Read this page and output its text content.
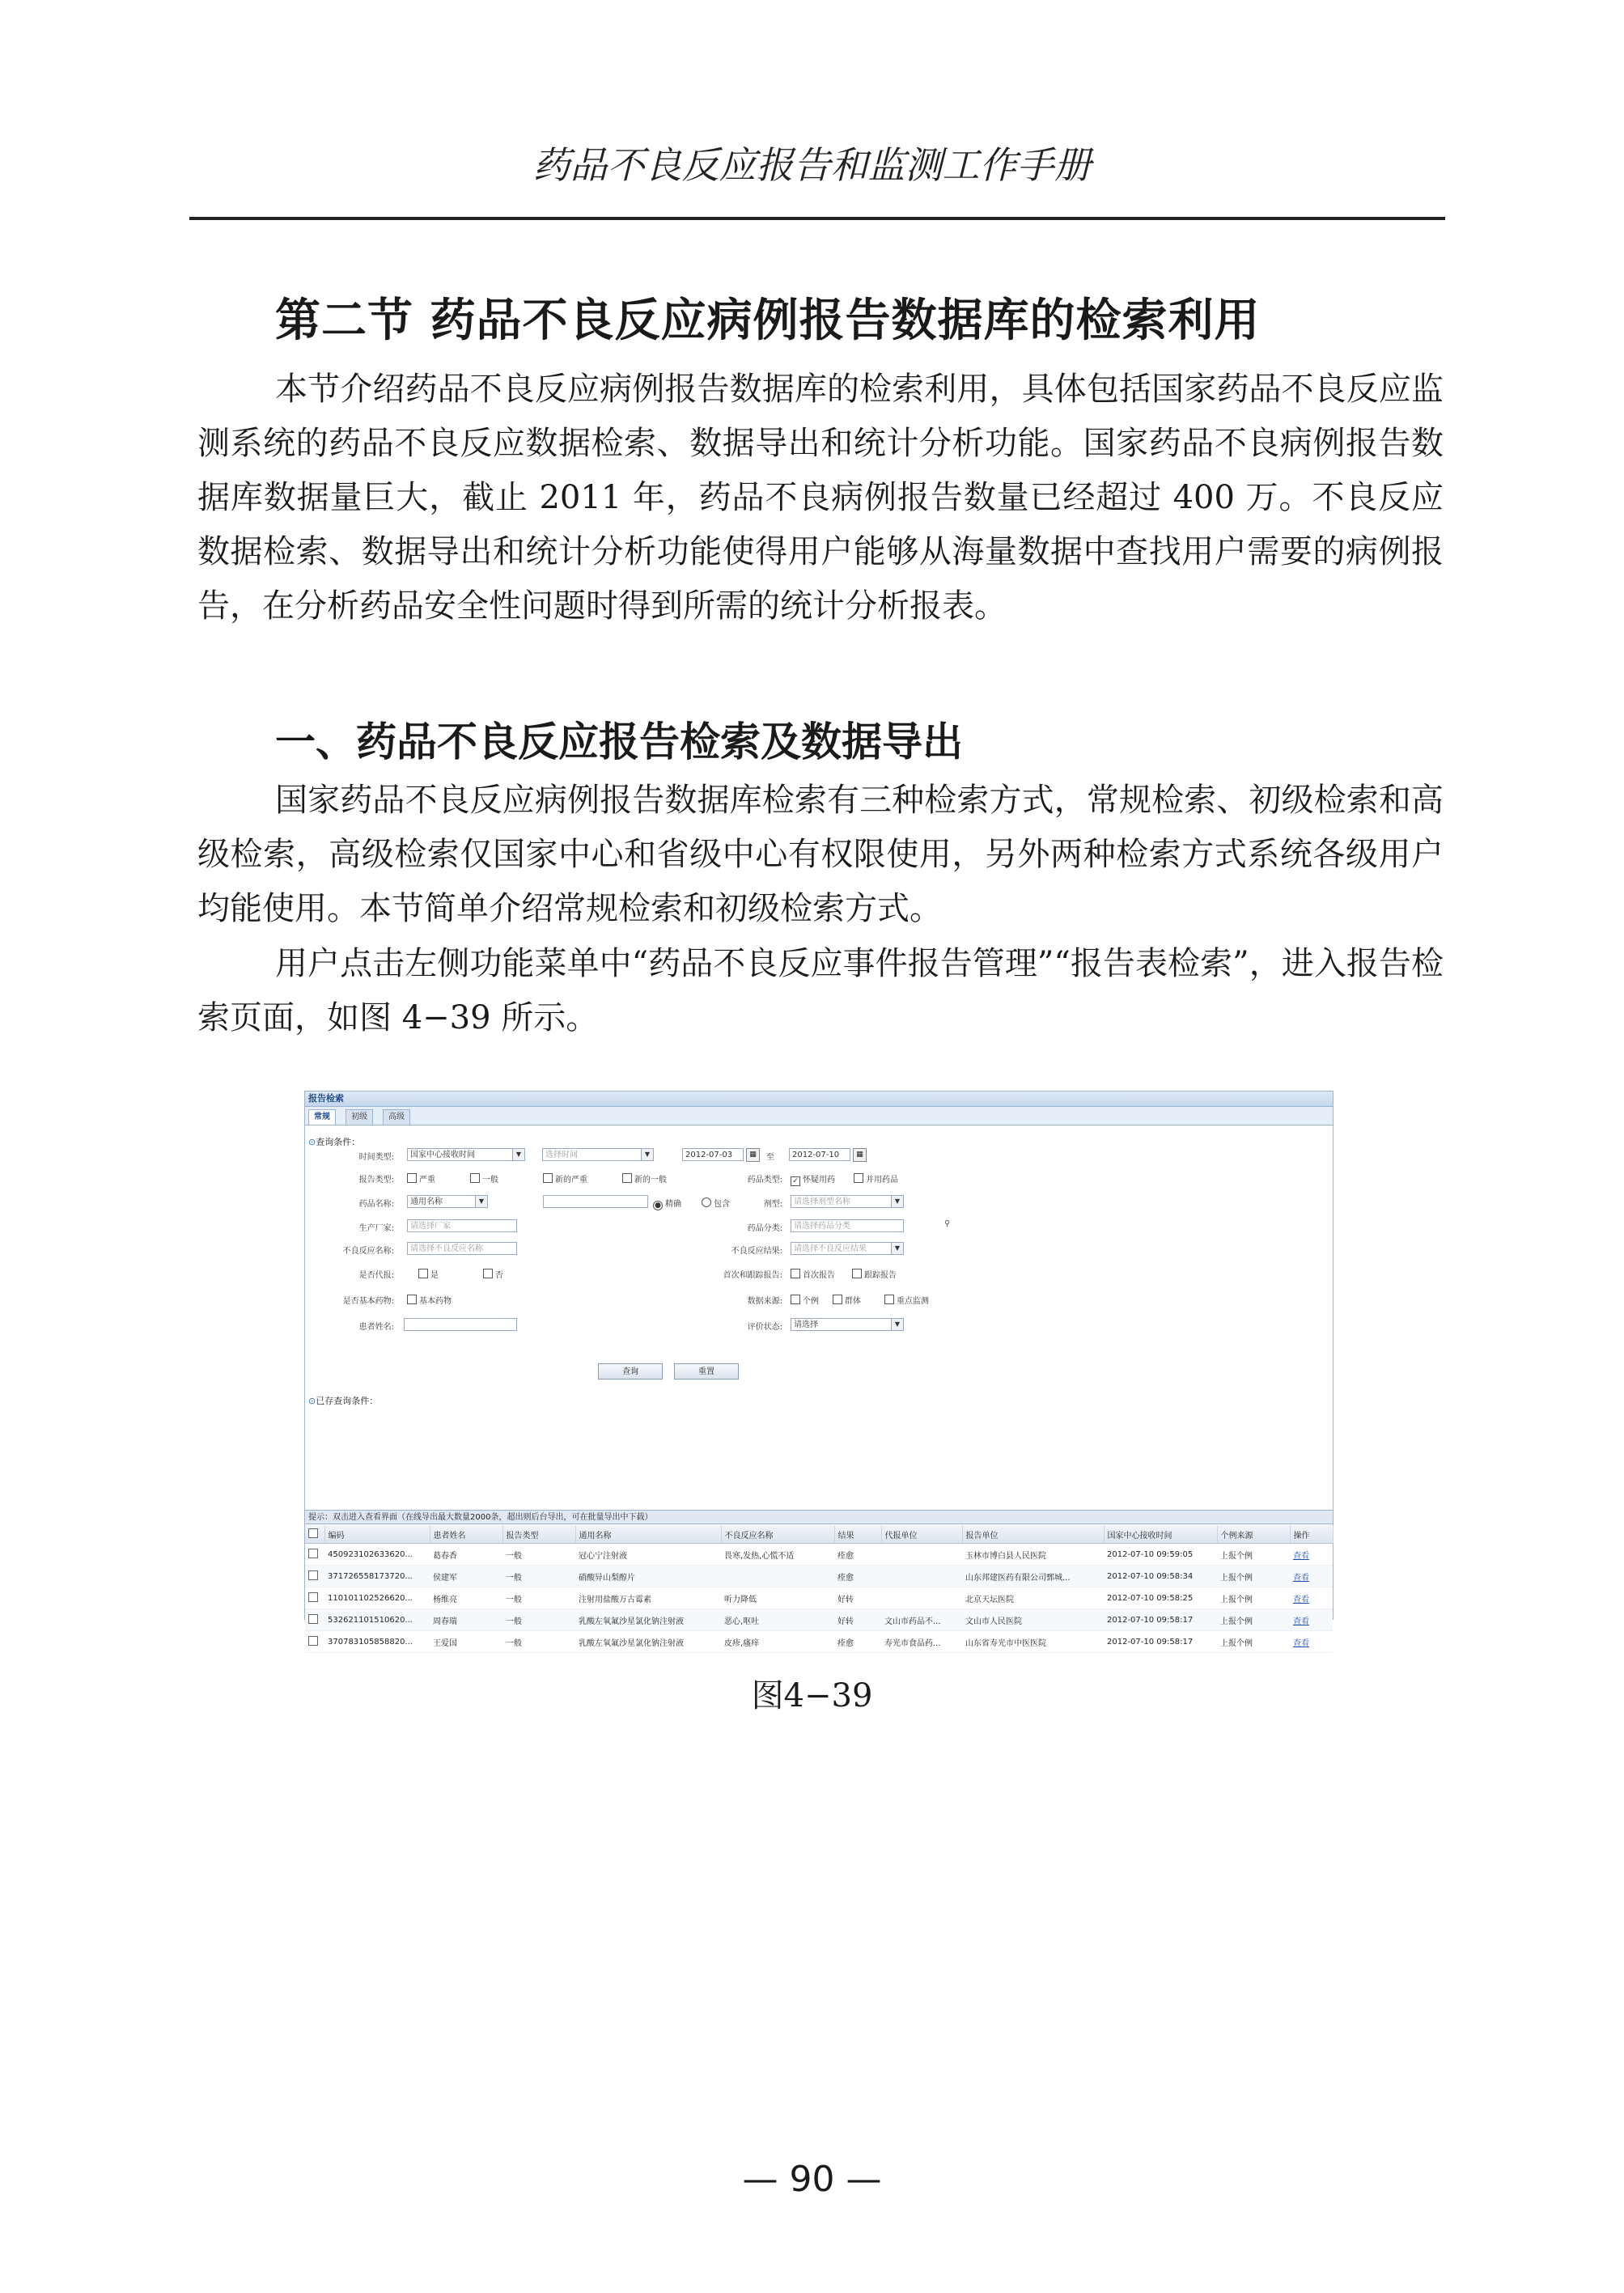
药品不良反应报告和监测工作手册
第二节 药品不良反应病例报告数据库的检索利用

本节介绍药品不良反应病例报告数据库的检索利用，具体包括国家药品不良反应监测系统的药品不良反应数据检索、数据导出和统计分析功能。国家药品不良病例报告数据库数据量巨大，截止 2011 年，药品不良病例报告数量已经超过 400 万。不良反应数据检索、数据导出和统计分析功能使得用户能够从海量数据中查找用户需要的病例报告，在分析药品安全性问题时得到所需的统计分析报表。

一、药品不良反应报告检索及数据导出

国家药品不良反应病例报告数据库检索有三种检索方式，常规检索、初级检索和高级检索，高级检索仅国家中心和省级中心有权限使用，另外两种检索方式系统各级用户均能使用。本节简单介绍常规检索和初级检索方式。

用户点击左侧功能菜单中“药品不良反应事件报告管理”“报告表检索”，进入报告检索页面，如图 4−39 所示。

报告检索
常规	初级	高级
⊙查询条件：
时间类型:	国家中心接收时间	▼	选择时间	▼	2012-07-03	▦	至	2012-07-10	▦
报告类型:	严重	一般	新的严重	新的一般	药品类型: ✓ 怀疑用药	并用药品
药品名称:	通用名称	▼
● 精确	包含	剂型:	请选择剂型名称	▼
生产厂家:	请选择厂家	药品分类:	请选择药品分类	⚲
不良反应名称:	请选择不良反应名称	不良反应结果:	请选择不良反应结果	▼
是否代报:	是	否	首次和跟踪报告:	首次报告	跟踪报告
是否基本药物:	基本药物	数据来源:	个例	群体	重点监测
患者姓名:	评价状态:	请选择	▼
查询	重置
⊙已存查询条件：
提示：双击进入查看界面（在线导出最大数量2000条，超出则后台导出，可在批量导出中下载）
	编码	患者姓名	报告类型	通用名称	不良反应名称	结果	代报单位	报告单位	国家中心接收时间	个例来源	操作
	450923102633620...	葛春香	一般	冠心宁注射液	畏寒,发热,心慌不适	痊愈		玉林市博白县人民医院	2012-07-10 09:59:05	上报个例	查看
	371726558173720...	侯建军	一般	硝酸异山梨醇片		痊愈		山东邦建医药有限公司鄄城...	2012-07-10 09:58:34	上报个例	查看
	110101102526620...	杨维亮	一般	注射用盐酸万古霉素	听力降低	好转		北京天坛医院	2012-07-10 09:58:25	上报个例	查看
	532621101510620...	周春瑞	一般	乳酸左氧氟沙星氯化钠注射液	恶心,呕吐	好转	文山市药品不...	文山市人民医院	2012-07-10 09:58:17	上报个例	查看
	370783105858820...	王爱国	一般	乳酸左氧氟沙星氯化钠注射液	皮疹,瘙痒	痊愈	寿光市食品药...	山东省寿光市中医医院	2012-07-10 09:58:17	上报个例	查看
图4−39
— 90 —
